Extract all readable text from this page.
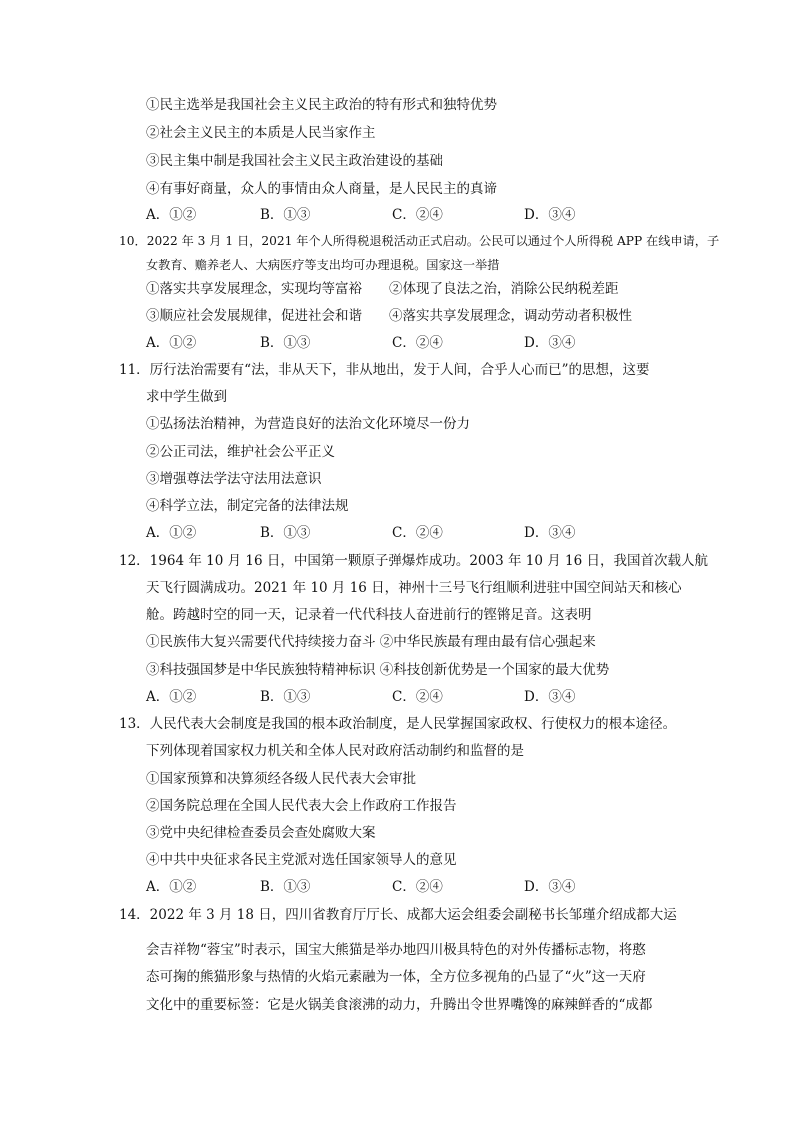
①民主选举是我国社会主义民主政治的特有形式和独特优势
②社会主义民主的本质是人民当家作主
③民主集中制是我国社会主义民主政治建设的基础
④有事好商量，众人的事情由众人商量，是人民民主的真谛
A．①②	B．①③	C．②④	D．③④
10．2022 年 3 月 1 日，2021 年个人所得税退税活动正式启动。公民可以通过个人所得税 APP 在线申请，子
女教育、赡养老人、大病医疗等支出均可办理退税。国家这一举措
①落实共享发展理念，实现均等富裕　　②体现了良法之治，消除公民纳税差距
③顺应社会发展规律，促进社会和谐　　④落实共享发展理念，调动劳动者积极性
A．①②	B．①③	C．②④	D．③④
11．厉行法治需要有“法，非从天下，非从地出，发于人间，合乎人心而已”的思想，这要
求中学生做到
①弘扬法治精神，为营造良好的法治文化环境尽一份力
②公正司法，维护社会公平正义
③增强尊法学法守法用法意识
④科学立法，制定完备的法律法规
A．①②	B．①③	C．②④	D．③④
12．1964 年 10 月 16 日，中国第一颗原子弹爆炸成功。2003 年 10 月 16 日，我国首次载人航
天飞行圆满成功。2021 年 10 月 16 日，神州十三号飞行组顺利进驻中国空间站天和核心
舱。跨越时空的同一天，记录着一代代科技人奋进前行的铿锵足音。这表明
①民族伟大复兴需要代代持续接力奋斗 ②中华民族最有理由最有信心强起来
③科技强国梦是中华民族独特精神标识 ④科技创新优势是一个国家的最大优势
A．①②	B．①③	C．②④	D．③④
13．人民代表大会制度是我国的根本政治制度，是人民掌握国家政权、行使权力的根本途径。
下列体现着国家权力机关和全体人民对政府活动制约和监督的是
①国家预算和决算须经各级人民代表大会审批
②国务院总理在全国人民代表大会上作政府工作报告
③党中央纪律检查委员会查处腐败大案
④中共中央征求各民主党派对选任国家领导人的意见
A．①②	B．①③	C．②④	D．③④
14．2022 年 3 月 18 日，四川省教育厅厅长、成都大运会组委会副秘书长邹瑾介绍成都大运
会吉祥物“蓉宝”时表示，国宝大熊猫是举办地四川极具特色的对外传播标志物，将憨
态可掬的熊猫形象与热情的火焰元素融为一体，全方位多视角的凸显了“火”这一天府
文化中的重要标签：它是火锅美食滚沸的动力，升腾出令世界嘴馋的麻辣鲜香的“成都
